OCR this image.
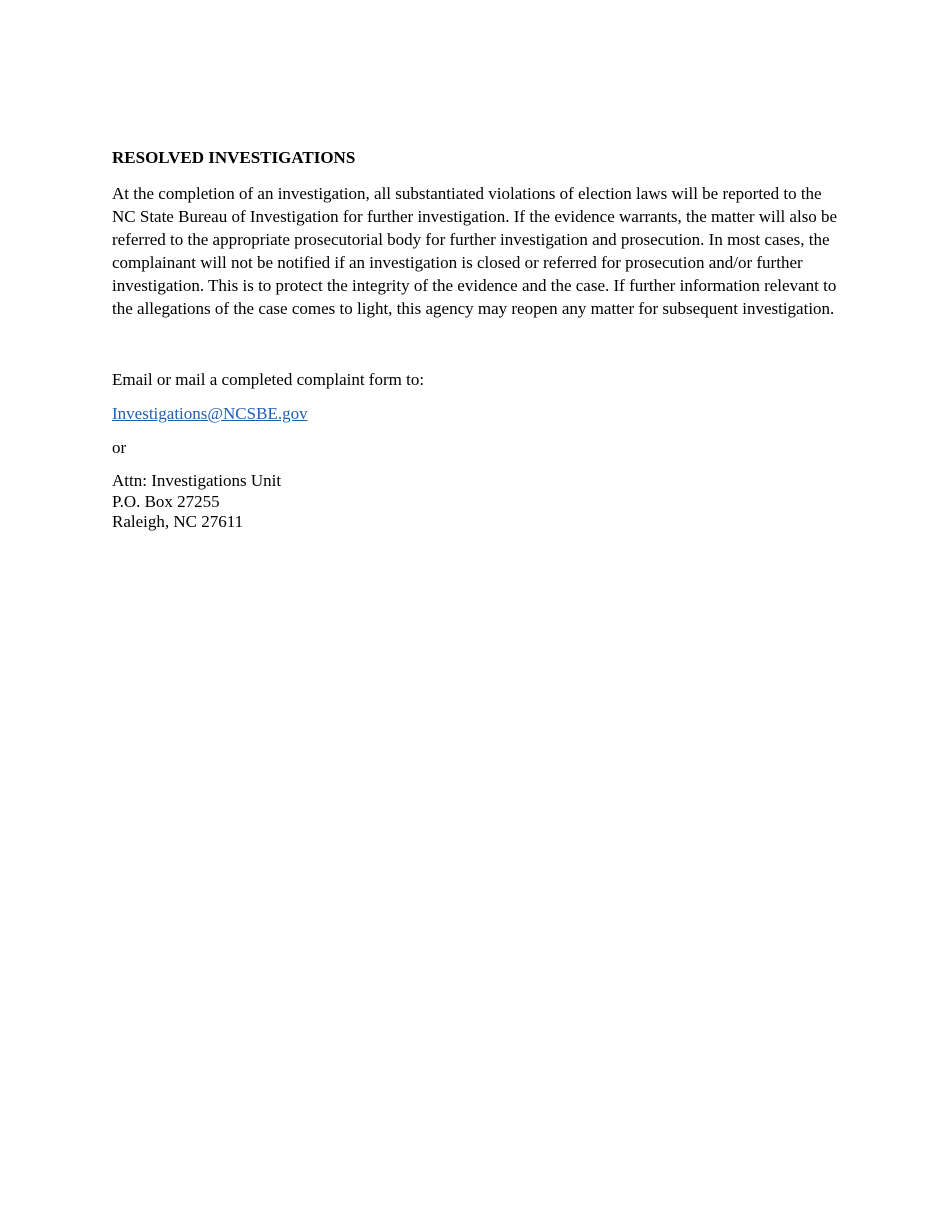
RESOLVED INVESTIGATIONS

At the completion of an investigation, all substantiated violations of election laws will be reported to the NC State Bureau of Investigation for further investigation. If the evidence warrants, the matter will also be referred to the appropriate prosecutorial body for further investigation and prosecution. In most cases, the complainant will not be notified if an investigation is closed or referred for prosecution and/or further investigation. This is to protect the integrity of the evidence and the case. If further information relevant to the allegations of the case comes to light, this agency may reopen any matter for subsequent investigation.

Email or mail a completed complaint form to:
Investigations@NCSBE.gov
or
Attn: Investigations Unit
P.O. Box 27255
Raleigh, NC 27611
